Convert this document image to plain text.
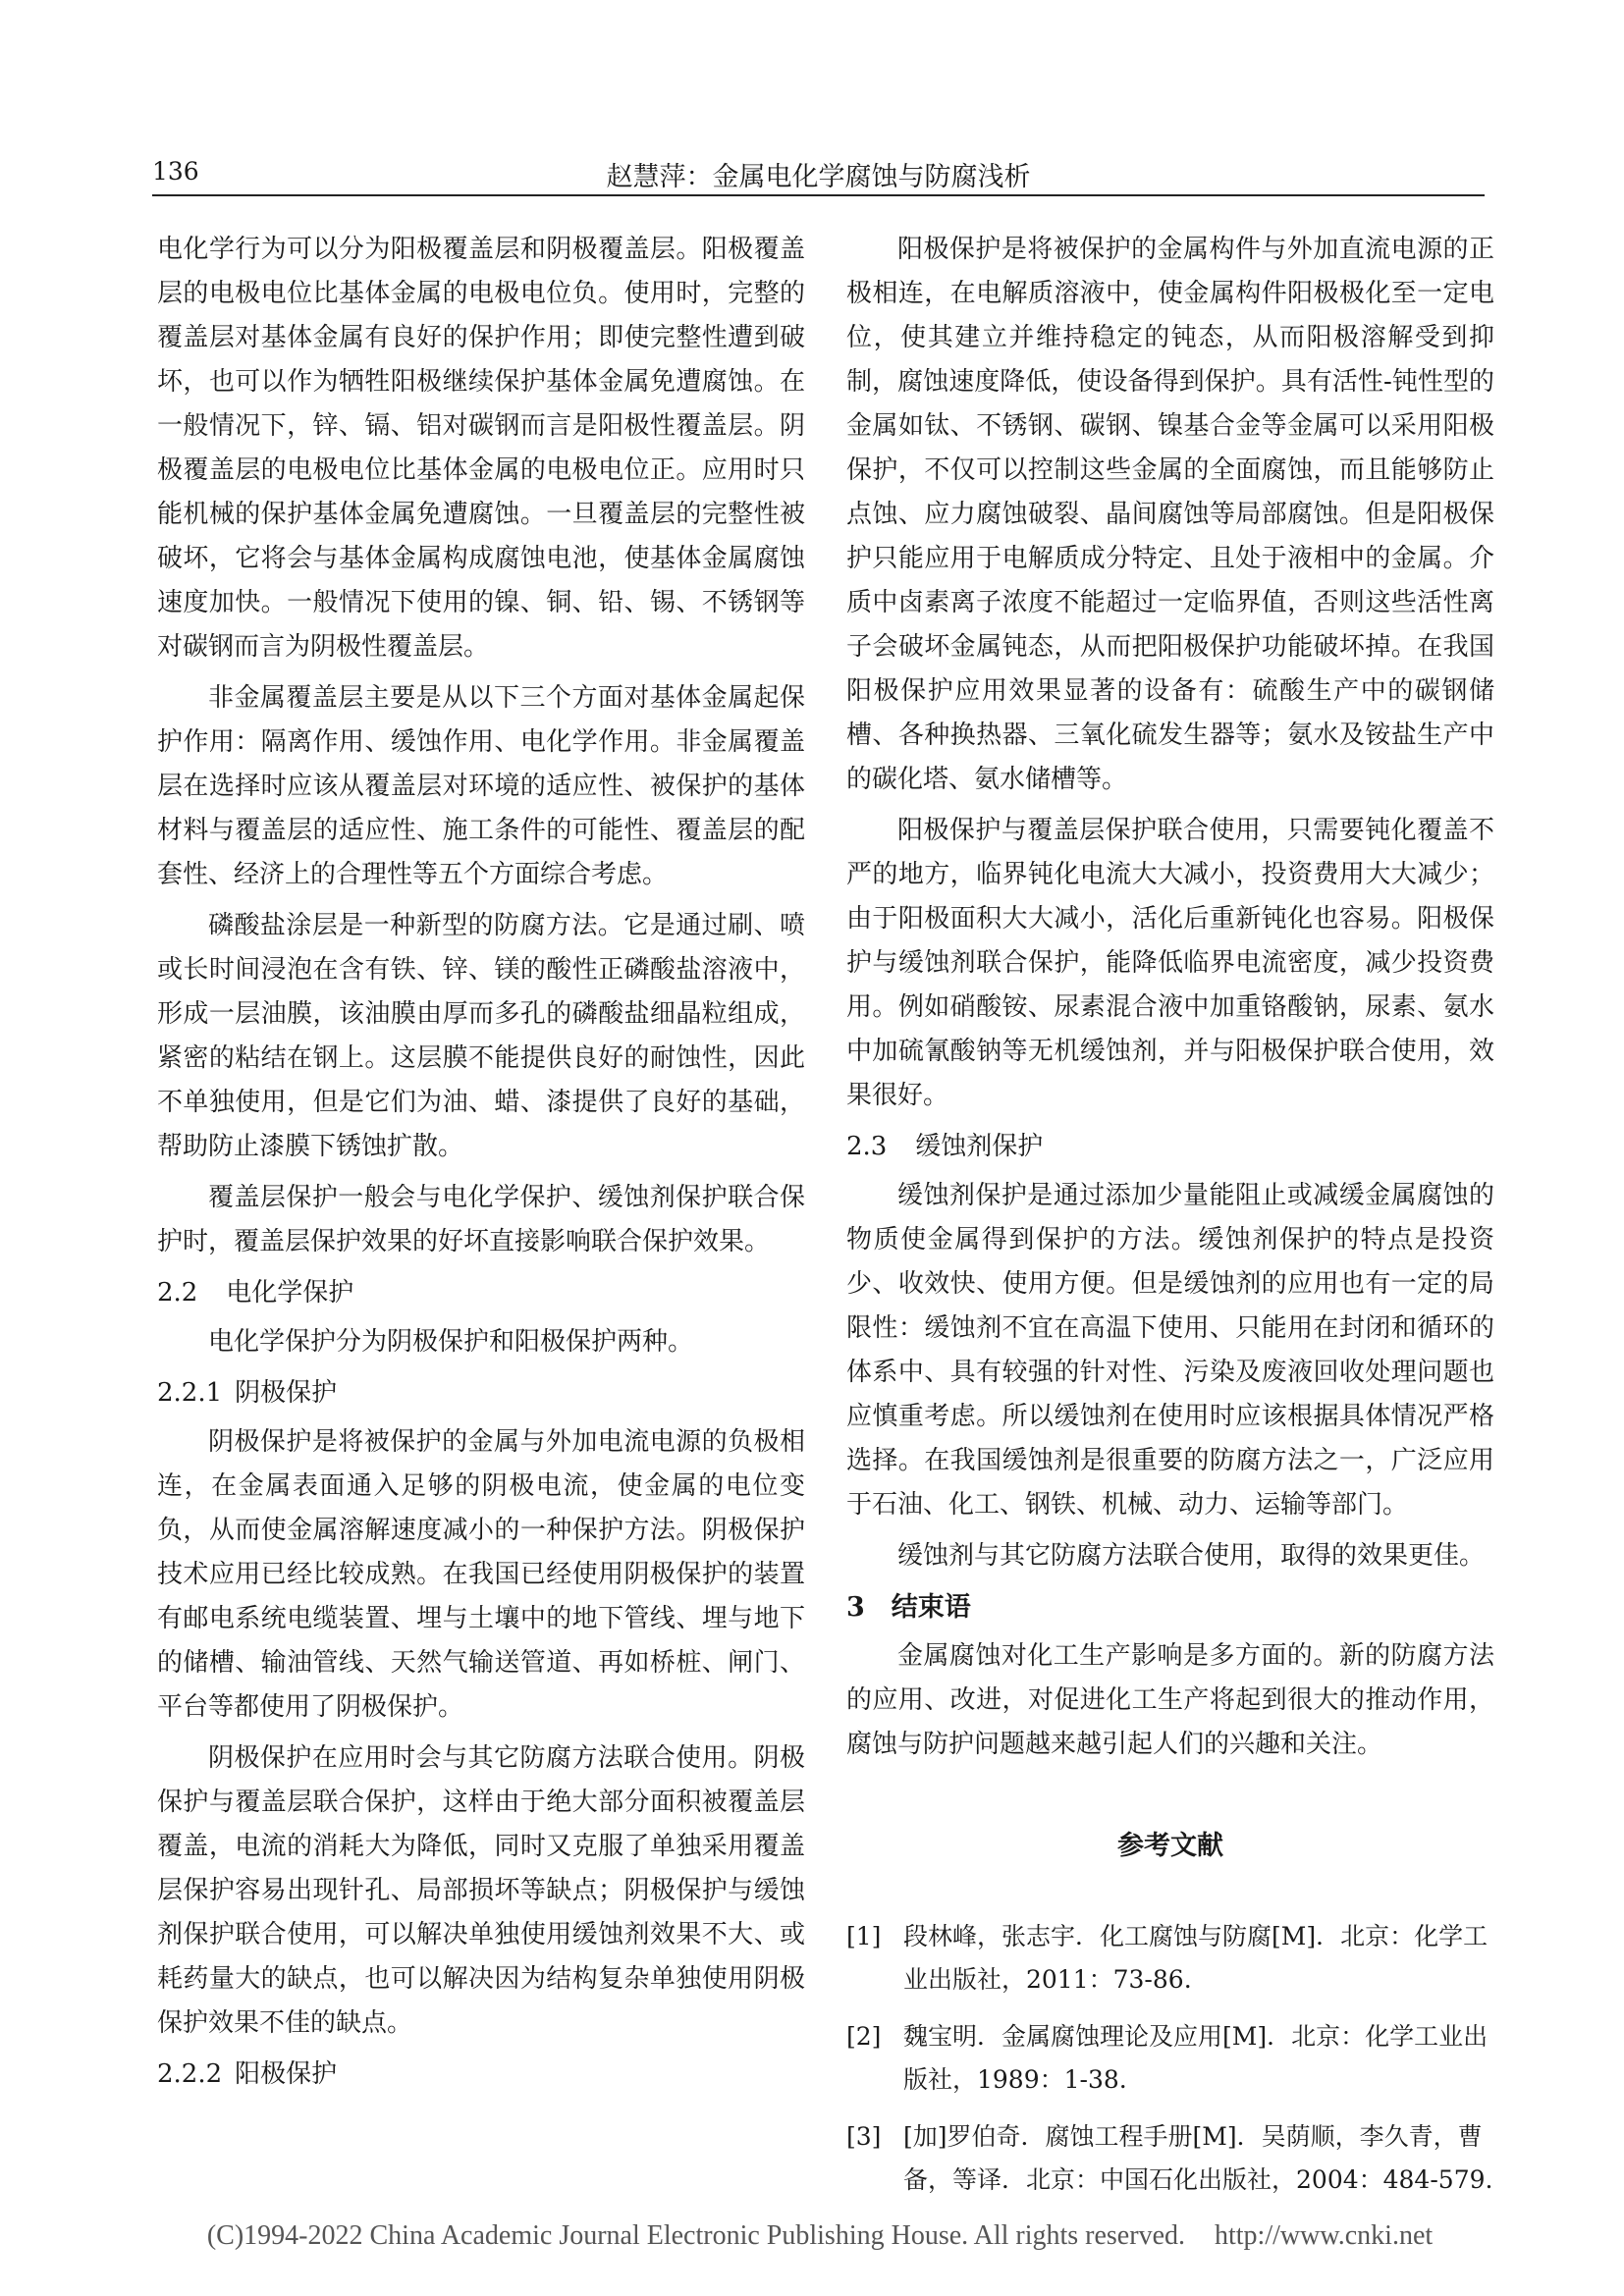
136	赵慧萍：金属电化学腐蚀与防腐浅析

电化学行为可以分为阳极覆盖层和阴极覆盖层。阳极覆盖层的电极电位比基体金属的电极电位负。使用时，完整的覆盖层对基体金属有良好的保护作用；即使完整性遭到破坏，也可以作为牺牲阳极继续保护基体金属免遭腐蚀。在一般情况下，锌、镉、铝对碳钢而言是阳极性覆盖层。阴极覆盖层的电极电位比基体金属的电极电位正。应用时只能机械的保护基体金属免遭腐蚀。一旦覆盖层的完整性被破坏，它将会与基体金属构成腐蚀电池，使基体金属腐蚀速度加快。一般情况下使用的镍、铜、铅、锡、不锈钢等对碳钢而言为阴极性覆盖层。

非金属覆盖层主要是从以下三个方面对基体金属起保护作用：隔离作用、缓蚀作用、电化学作用。非金属覆盖层在选择时应该从覆盖层对环境的适应性、被保护的基体材料与覆盖层的适应性、施工条件的可能性、覆盖层的配套性、经济上的合理性等五个方面综合考虑。

磷酸盐涂层是一种新型的防腐方法。它是通过刷、喷或长时间浸泡在含有铁、锌、镁的酸性正磷酸盐溶液中，形成一层油膜，该油膜由厚而多孔的磷酸盐细晶粒组成，紧密的粘结在钢上。这层膜不能提供良好的耐蚀性，因此不单独使用，但是它们为油、蜡、漆提供了良好的基础，帮助防止漆膜下锈蚀扩散。

覆盖层保护一般会与电化学保护、缓蚀剂保护联合保护时，覆盖层保护效果的好坏直接影响联合保护效果。

2.2 电化学保护

电化学保护分为阴极保护和阳极保护两种。

2.2.1 阴极保护

阴极保护是将被保护的金属与外加电流电源的负极相连，在金属表面通入足够的阴极电流，使金属的电位变负，从而使金属溶解速度减小的一种保护方法。阴极保护技术应用已经比较成熟。在我国已经使用阴极保护的装置有邮电系统电缆装置、埋与土壤中的地下管线、埋与地下的储槽、输油管线、天然气输送管道、再如桥桩、闸门、平台等都使用了阴极保护。

阴极保护在应用时会与其它防腐方法联合使用。阴极保护与覆盖层联合保护，这样由于绝大部分面积被覆盖层覆盖，电流的消耗大为降低，同时又克服了单独采用覆盖层保护容易出现针孔、局部损坏等缺点；阴极保护与缓蚀剂保护联合使用，可以解决单独使用缓蚀剂效果不大、或耗药量大的缺点，也可以解决因为结构复杂单独使用阴极保护效果不佳的缺点。

2.2.2 阳极保护

阳极保护是将被保护的金属构件与外加直流电源的正极相连，在电解质溶液中，使金属构件阳极极化至一定电位，使其建立并维持稳定的钝态，从而阳极溶解受到抑制，腐蚀速度降低，使设备得到保护。具有活性-钝性型的金属如钛、不锈钢、碳钢、镍基合金等金属可以采用阳极保护，不仅可以控制这些金属的全面腐蚀，而且能够防止点蚀、应力腐蚀破裂、晶间腐蚀等局部腐蚀。但是阳极保护只能应用于电解质成分特定、且处于液相中的金属。介质中卤素离子浓度不能超过一定临界值，否则这些活性离子会破坏金属钝态，从而把阳极保护功能破坏掉。在我国阳极保护应用效果显著的设备有：硫酸生产中的碳钢储槽、各种换热器、三氧化硫发生器等；氨水及铵盐生产中的碳化塔、氨水储槽等。

阳极保护与覆盖层保护联合使用，只需要钝化覆盖不严的地方，临界钝化电流大大减小，投资费用大大减少；由于阳极面积大大减小，活化后重新钝化也容易。阳极保护与缓蚀剂联合保护，能降低临界电流密度，减少投资费用。例如硝酸铵、尿素混合液中加重铬酸钠，尿素、氨水中加硫氰酸钠等无机缓蚀剂，并与阳极保护联合使用，效果很好。

2.3 缓蚀剂保护

缓蚀剂保护是通过添加少量能阻止或减缓金属腐蚀的物质使金属得到保护的方法。缓蚀剂保护的特点是投资少、收效快、使用方便。但是缓蚀剂的应用也有一定的局限性：缓蚀剂不宜在高温下使用、只能用在封闭和循环的体系中、具有较强的针对性、污染及废液回收处理问题也应慎重考虑。所以缓蚀剂在使用时应该根据具体情况严格选择。在我国缓蚀剂是很重要的防腐方法之一，广泛应用于石油、化工、钢铁、机械、动力、运输等部门。

缓蚀剂与其它防腐方法联合使用，取得的效果更佳。

3 结束语

金属腐蚀对化工生产影响是多方面的。新的防腐方法的应用、改进，对促进化工生产将起到很大的推动作用，腐蚀与防护问题越来越引起人们的兴趣和关注。

参考文献
[1] 段林峰，张志宇．化工腐蚀与防腐[M]．北京：化学工业出版社，2011：73-86.
[2] 魏宝明．金属腐蚀理论及应用[M]．北京：化学工业出版社，1989：1-38.
[3] [加]罗伯奇．腐蚀工程手册[M]．吴荫顺，李久青，曹备，等译．北京：中国石化出版社，2004：484-579.
(C)1994-2022 China Academic Journal Electronic Publishing House. All rights reserved. http://www.cnki.net
